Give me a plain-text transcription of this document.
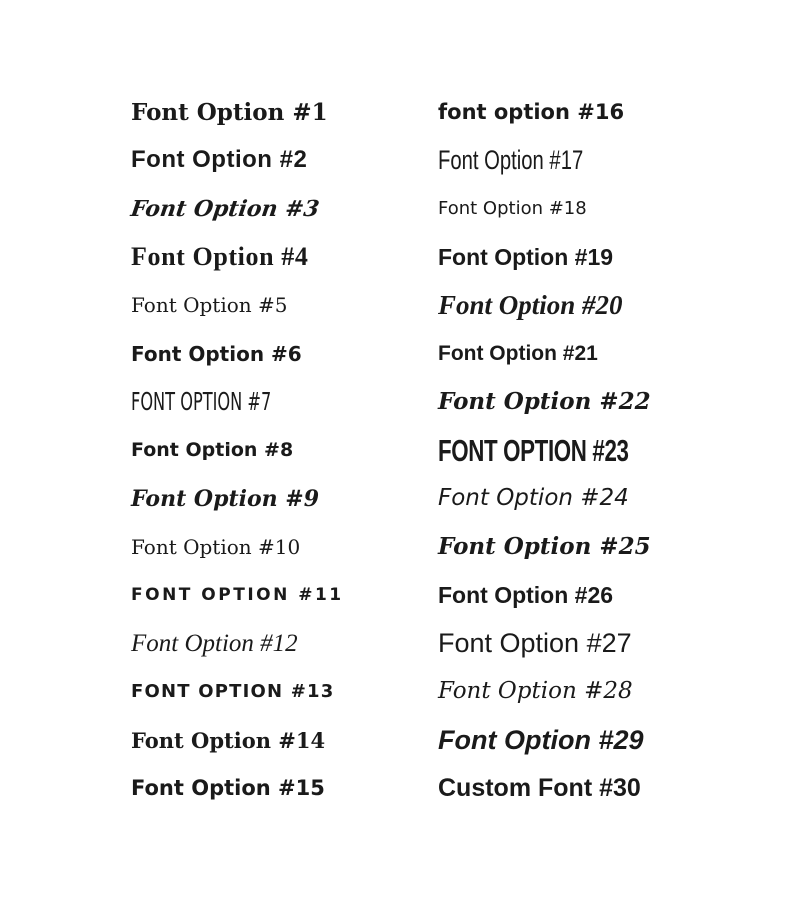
Font Option #1
Font Option #2
Font Option #3
Font Option #4
Font Option #5
Font Option #6
FONT OPTION #7
Font Option #8
Font Option #9
Font Option #10
FONT OPTION #11
Font Option #12
FONT OPTION #13
Font Option #14
Font Option #15
font option #16
Font Option #17
Font Option #18
Font Option #19
Font Option #20
Font Option #21
Font Option #22
FONT OPTION #23
Font Option #24
Font Option #25
Font Option #26
Font Option #27
Font Option #28
Font Option #29
Custom Font #30
